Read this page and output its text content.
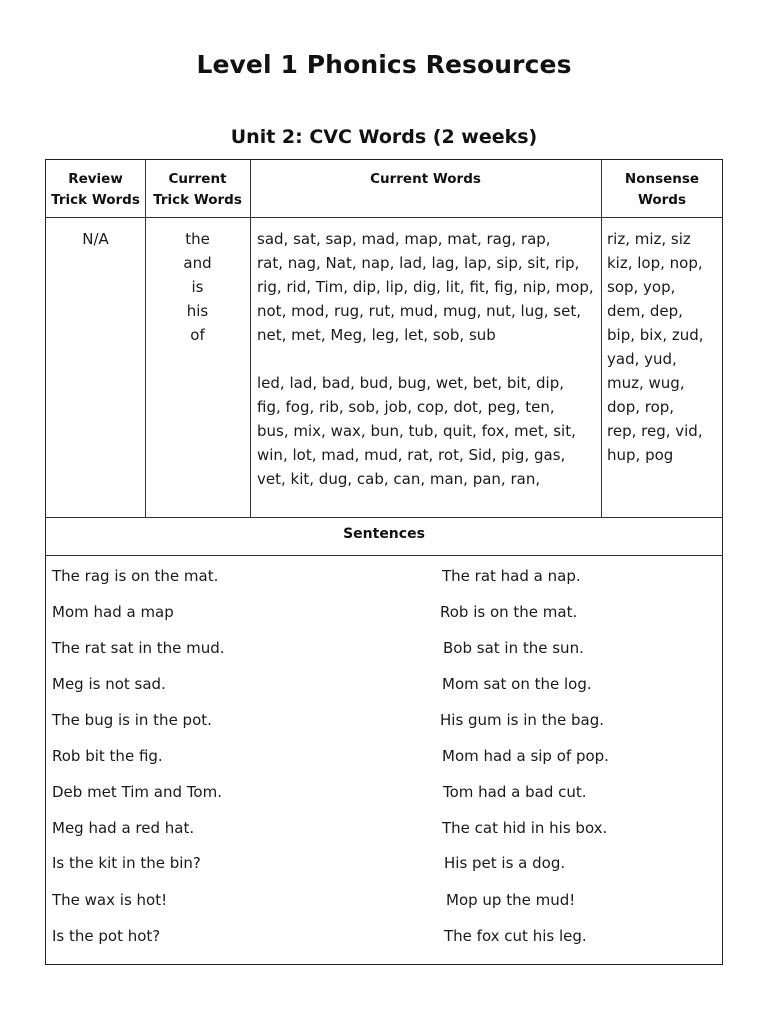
Level 1 Phonics Resources
Unit 2: CVC Words (2 weeks)
Review
Trick Words
Current
Trick Words
Current Words	Nonsense
Words
N/A	the
and
is
his
of
sad, sat, sap, mad, map, mat, rag, rap,
rat, nag, Nat, nap, lad, lag, lap, sip, sit, rip,
rig, rid, Tim, dip, lip, dig, lit, fit, fig, nip, mop,
not, mod, rug, rut, mud, mug, nut, lug, set,
net, met, Meg, leg, let, sob, sub
led, lad, bad, bud, bug, wet, bet, bit, dip,
fig, fog, rib, sob, job, cop, dot, peg, ten,
bus, mix, wax, bun, tub, quit, fox, met, sit,
win, lot, mad, mud, rat, rot, Sid, pig, gas,
vet, kit, dug, cab, can, man, pan, ran,
riz, miz, siz
kiz, lop, nop,
sop, yop,
dem, dep,
bip, bix, zud,
yad, yud,
muz, wug,
dop, rop,
rep, reg, vid,
hup, pog
Sentences
The rag is on the mat.
Mom had a map
The rat sat in the mud.
Meg is not sad.
The bug is in the pot.
Rob bit the fig.
Deb met Tim and Tom.
Meg had a red hat.
Is the kit in the bin?
The wax is hot!
Is the pot hot?
The rat had a nap.
Rob is on the mat.
Bob sat in the sun.
Mom sat on the log.
His gum is in the bag.
Mom had a sip of pop.
Tom had a bad cut.
The cat hid in his box.
His pet is a dog.
Mop up the mud!
The fox cut his leg.
